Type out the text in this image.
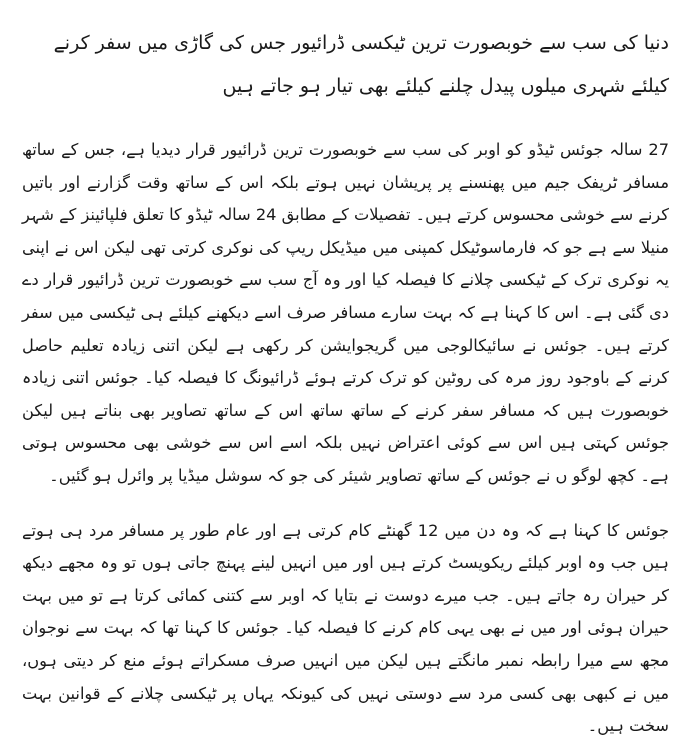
دنیا کی سب سے خوبصورت ترین ٹیکسی ڈرائیور جس کی گاڑی میں سفر کرنے کیلئے شہری میلوں پیدل چلنے کیلئے بھی تیار ہو جاتے ہیں

27 سالہ جوئس ٹیڈو کو اوبر کی سب سے خوبصورت ترین ڈرائیور قرار دیدیا ہے، جس کے ساتھ مسافر ٹریفک جیم میں پھنسنے پر پریشان نہیں ہوتے بلکہ اس کے ساتھ وقت گزارنے اور باتیں کرنے سے خوشی محسوس کرتے ہیں۔ تفصیلات کے مطابق 24 سالہ ٹیڈو کا تعلق فلپائینز کے شہر منیلا سے ہے جو کہ فارماسوٹیکل کمپنی میں میڈیکل ریپ کی نوکری کرتی تھی لیکن اس نے اپنی یہ نوکری ترک کے ٹیکسی چلانے کا فیصلہ کیا اور وہ آج سب سے خوبصورت ترین ڈرائیور قرار دے دی گئی ہے۔ اس کا کہنا ہے کہ بہت سارے مسافر صرف اسے دیکھنے کیلئے ہی ٹیکسی میں سفر کرتے ہیں۔ جوئس نے سائیکالوجی میں گریجوایشن کر رکھی ہے لیکن اتنی زیادہ تعلیم حاصل کرنے کے باوجود روز مرہ کی روٹین کو ترک کرتے ہوئے ڈرائیونگ کا فیصلہ کیا۔ جوئس اتنی زیادہ خوبصورت ہیں کہ مسافر سفر کرنے کے ساتھ ساتھ اس کے ساتھ تصاویر بھی بناتے ہیں لیکن جوئس کہتی ہیں اس سے کوئی اعتراض نہیں بلکہ اسے اس سے خوشی بھی محسوس ہوتی ہے۔ کچھ لوگو ں نے جوئس کے ساتھ تصاویر شیئر کی جو کہ سوشل میڈیا پر وائرل ہو گئیں۔

جوئس کا کہنا ہے کہ وہ دن میں 12 گھنٹے کام کرتی ہے اور عام طور پر مسافر مرد ہی ہوتے ہیں جب وہ اوبر کیلئے ریکویسٹ کرتے ہیں اور میں انہیں لینے پہنچ جاتی ہوں تو وہ مجھے دیکھ کر حیران رہ جاتے ہیں۔ جب میرے دوست نے بتایا کہ اوبر سے کتنی کمائی کرتا ہے تو میں بہت حیران ہوئی اور میں نے بھی یہی کام کرنے کا فیصلہ کیا۔ جوئس کا کہنا تھا کہ بہت سے نوجوان مجھ سے میرا رابطہ نمبر مانگتے ہیں لیکن میں انہیں صرف مسکراتے ہوئے منع کر دیتی ہوں، میں نے کبھی بھی کسی مرد سے دوستی نہیں کی کیونکہ یہاں پر ٹیکسی چلانے کے قوانین بہت سخت ہیں۔
